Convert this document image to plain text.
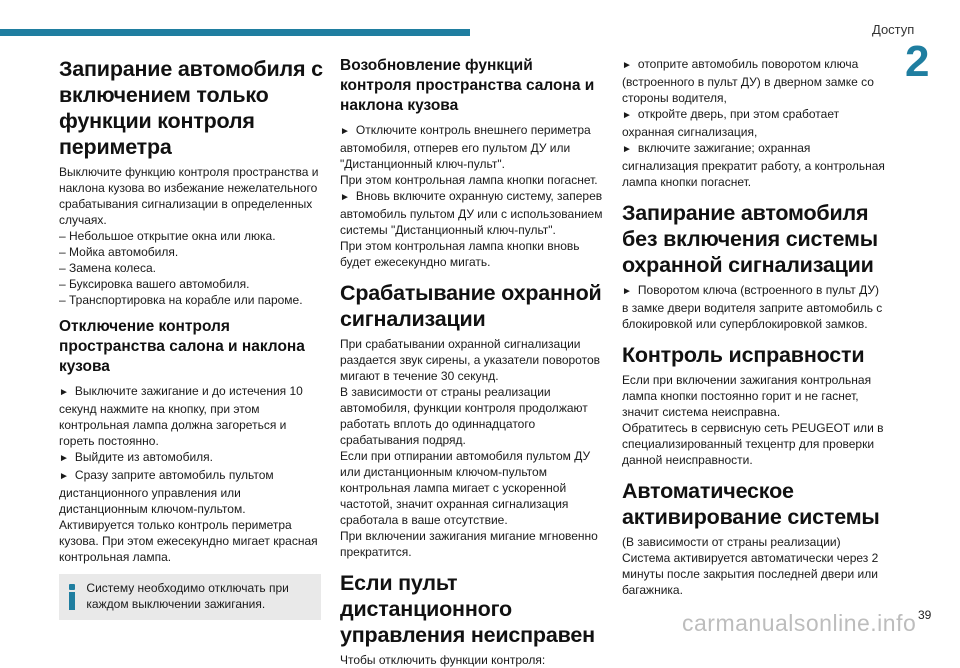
Доступ
2
Запирание автомобиля с включением только функции контроля периметра

Выключите функцию контроля пространства и наклона кузова во избежание нежелательного срабатывания сигнализации в определенных случаях.

– Небольшое открытие окна или люка.

– Мойка автомобиля.

– Замена колеса.

– Буксировка вашего автомобиля.

– Транспортировка на корабле или пароме.

Отключение контроля пространства салона и наклона кузова

► Выключите зажигание и до истечения 10 секунд нажмите на кнопку, при этом контрольная лампа должна загореться и гореть постоянно.

► Выйдите из автомобиля.

► Сразу заприте автомобиль пультом дистанционного управления или дистанционным ключом-пультом.

Активируется только контроль периметра кузова. При этом ежесекундно мигает красная контрольная лампа.

Систему необходимо отключать при каждом выключении зажигания.

Возобновление функций контроля пространства салона и наклона кузова

► Отключите контроль внешнего периметра автомобиля, отперев его пультом ДУ или "Дистанционный ключ-пульт".

При этом контрольная лампа кнопки погаснет.

► Вновь включите охранную систему, заперев автомобиль пультом ДУ или с использованием системы "Дистанционный ключ-пульт".

При этом контрольная лампа кнопки вновь будет ежесекундно мигать.

Срабатывание охранной сигнализации

При срабатывании охранной сигнализации раздается звук сирены, а указатели поворотов мигают в течение 30 секунд.

В зависимости от страны реализации автомобиля, функции контроля продолжают работать вплоть до одиннадцатого срабатывания подряд.

Если при отпирании автомобиля пультом ДУ или дистанционным ключом-пультом контрольная лампа мигает с ускоренной частотой, значит охранная сигнализация сработала в ваше отсутствие.

При включении зажигания мигание мгновенно прекратится.

Если пульт дистанционного управления неисправен

Чтобы отключить функции контроля:

► отоприте автомобиль поворотом ключа (встроенного в пульт ДУ) в дверном замке со стороны водителя,

► откройте дверь, при этом сработает охранная сигнализация,

► включите зажигание; охранная сигнализация прекратит работу, а контрольная лампа кнопки погаснет.

Запирание автомобиля без включения системы охранной сигнализации

► Поворотом ключа (встроенного в пульт ДУ) в замке двери водителя заприте автомобиль с блокировкой или суперблокировкой замков.

Контроль исправности

Если при включении зажигания контрольная лампа кнопки постоянно горит и не гаснет, значит система неисправна.

Обратитесь в сервисную сеть PEUGEOT или в специализированный техцентр для проверки данной неисправности.

Автоматическое активирование системы

(В зависимости от страны реализации)

Система активируется автоматически через 2 минуты после закрытия последней двери или багажника.

carmanualsonline.info 39
